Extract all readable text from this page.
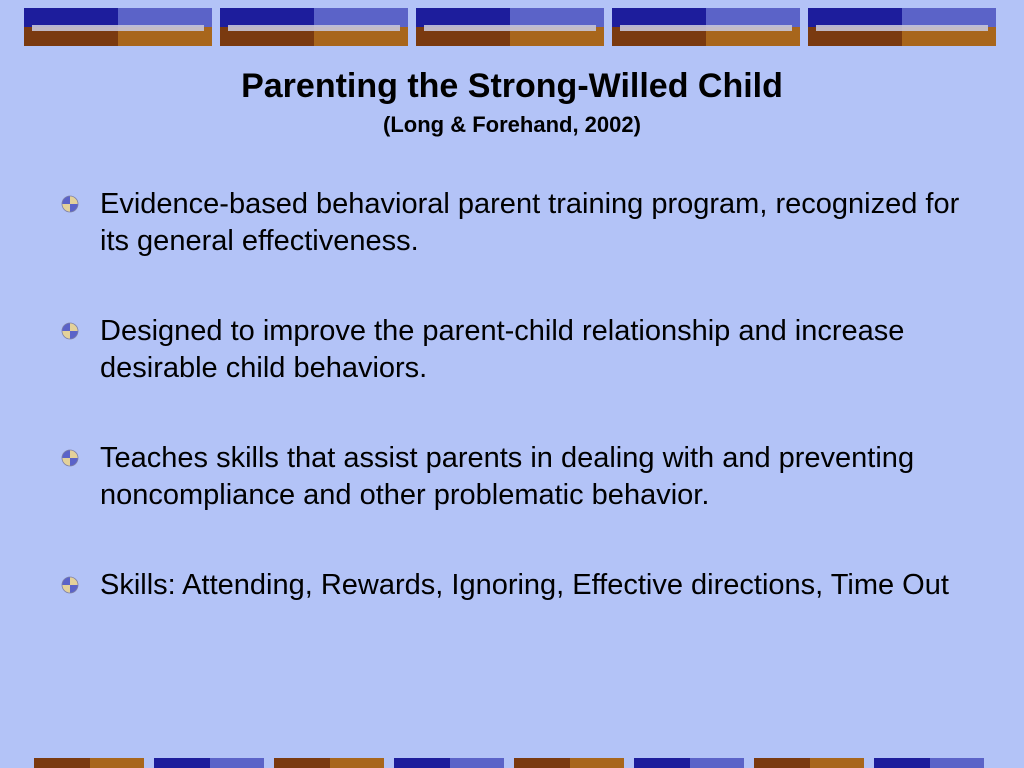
Parenting the Strong-Willed Child
(Long & Forehand, 2002)
Evidence-based behavioral parent training program, recognized for its general effectiveness.
Designed to improve the parent-child relationship and increase desirable child behaviors.
Teaches skills that assist parents in dealing with and preventing noncompliance and other problematic behavior.
Skills: Attending, Rewards, Ignoring, Effective directions, Time Out
